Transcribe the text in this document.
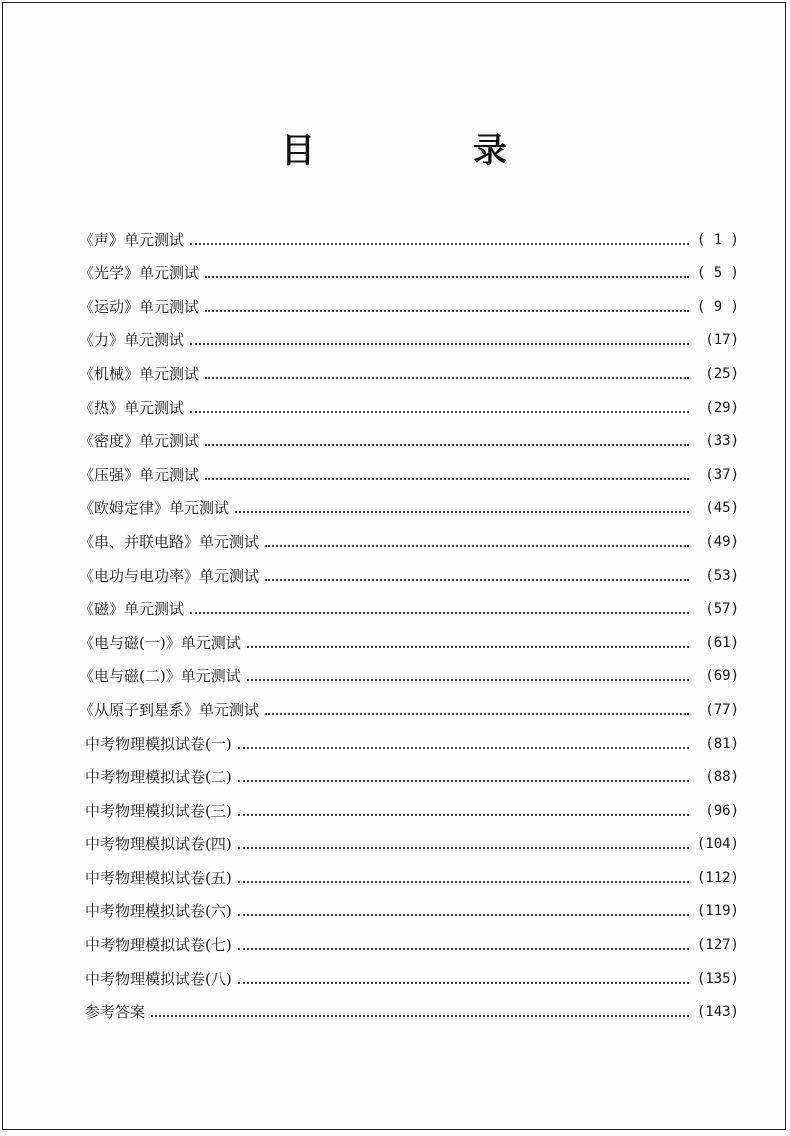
目　录
《声》单元测试	( 1 )
《光学》单元测试	( 5 )
《运动》单元测试	( 9 )
《力》单元测试	(17)
《机械》单元测试	(25)
《热》单元测试	(29)
《密度》单元测试	(33)
《压强》单元测试	(37)
《欧姆定律》单元测试	(45)
《串、并联电路》单元测试	(49)
《电功与电功率》单元测试	(53)
《磁》单元测试	(57)
《电与磁(一)》单元测试	(61)
《电与磁(二)》单元测试	(69)
《从原子到星系》单元测试	(77)
中考物理模拟试卷(一)	(81)
中考物理模拟试卷(二)	(88)
中考物理模拟试卷(三)	(96)
中考物理模拟试卷(四)	(104)
中考物理模拟试卷(五)	(112)
中考物理模拟试卷(六)	(119)
中考物理模拟试卷(七)	(127)
中考物理模拟试卷(八)	(135)
参考答案	(143)
